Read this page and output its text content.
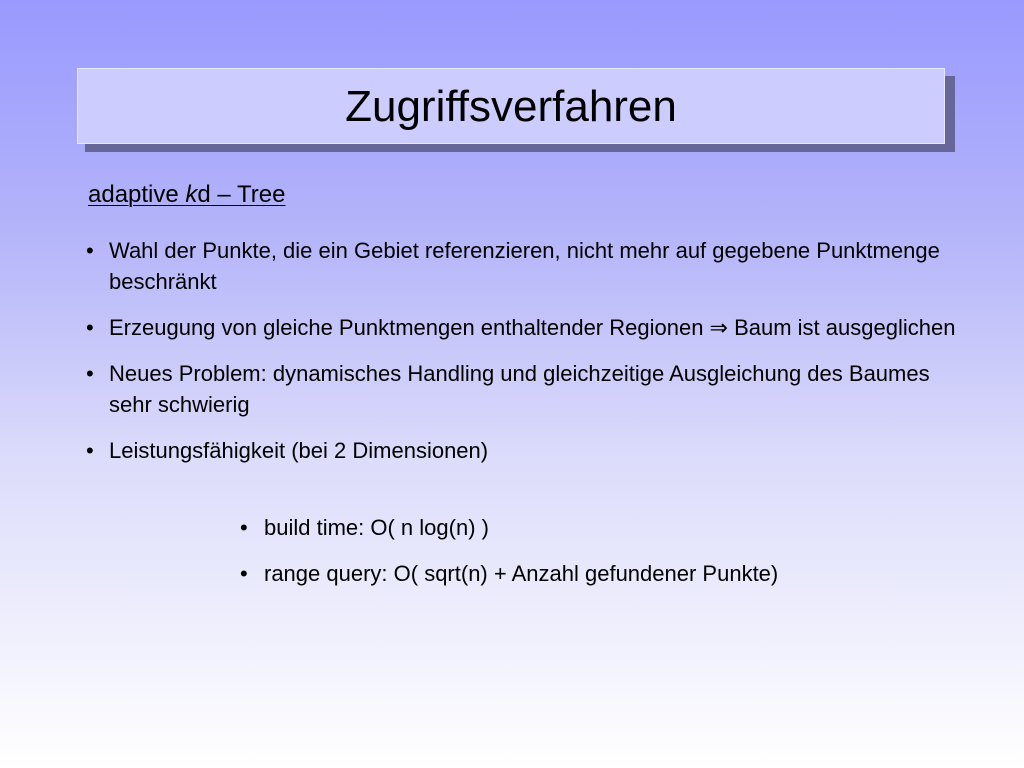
Zugriffsverfahren
adaptive kd – Tree
• Wahl der Punkte, die ein Gebiet referenzieren, nicht mehr auf gegebene Punktmenge beschränkt
• Erzeugung von gleiche Punktmengen enthaltender Regionen ⇒ Baum ist ausgeglichen
• Neues Problem: dynamisches Handling und gleichzeitige Ausgleichung des Baumes sehr schwierig
• Leistungsfähigkeit (bei 2 Dimensionen)
• build time: O( n log(n) )
• range query: O( sqrt(n) + Anzahl gefundener Punkte)
